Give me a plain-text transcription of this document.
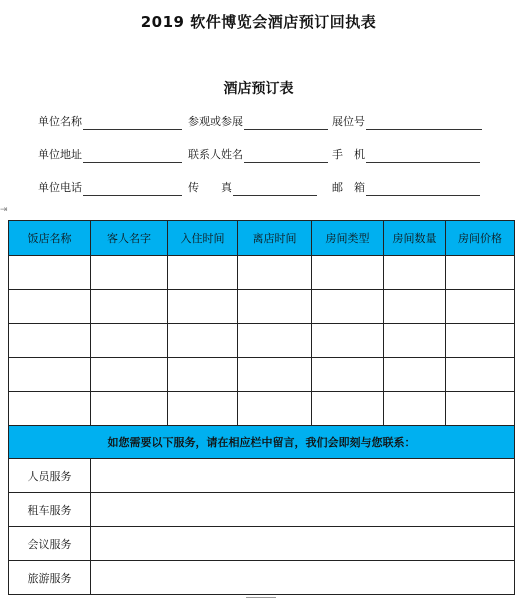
2019 软件博览会酒店预订回执表
酒店预订表
单位名称	参观或参展	展位号
单位地址	联系人姓名	手　机
单位电话	传　　真	邮　箱
⇥
饭店名称	客人名字	入住时间	离店时间	房间类型	房间数量	房间价格

如您需要以下服务，请在相应栏中留言，我们会即刻与您联系：						
人员服务						
租车服务						
会议服务						
旅游服务						
